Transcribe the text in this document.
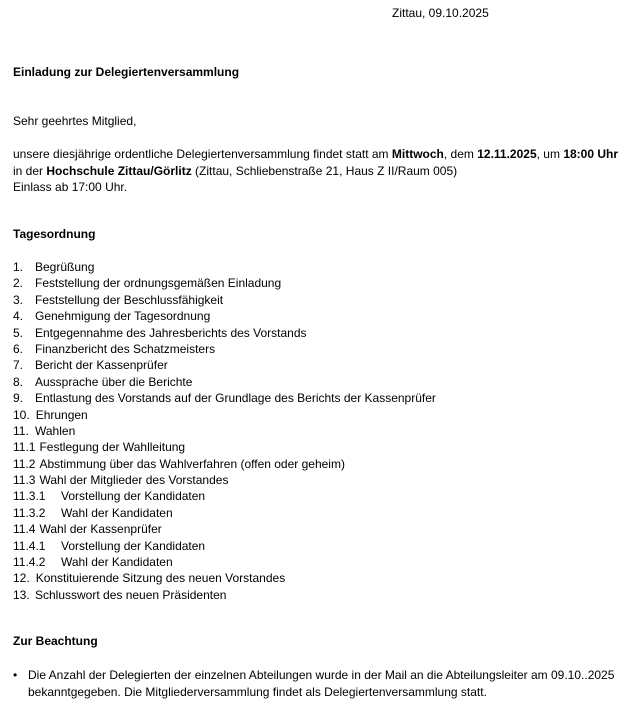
Zittau, 09.10.2025
Einladung zur Delegiertenversammlung
Sehr geehrtes Mitglied,
unsere diesjährige ordentliche Delegiertenversammlung findet statt am Mittwoch, dem 12.11.2025, um 18:00 Uhr
in der Hochschule Zittau/Görlitz (Zittau, Schliebenstraße 21, Haus Z II/Raum 005)
Einlass ab 17:00 Uhr.
Tagesordnung
1. Begrüßung
2. Feststellung der ordnungsgemäßen Einladung
3. Feststellung der Beschlussfähigkeit
4. Genehmigung der Tagesordnung
5. Entgegennahme des Jahresberichts des Vorstands
6. Finanzbericht des Schatzmeisters
7. Bericht der Kassenprüfer
8. Aussprache über die Berichte
9. Entlastung des Vorstands auf der Grundlage des Berichts der Kassenprüfer
10. Ehrungen
11. Wahlen
11.1 Festlegung der Wahlleitung
11.2 Abstimmung über das Wahlverfahren (offen oder geheim)
11.3 Wahl der Mitglieder des Vorstandes
11.3.1	Vorstellung der Kandidaten
11.3.2	Wahl der Kandidaten
11.4 Wahl der Kassenprüfer
11.4.1	Vorstellung der Kandidaten
11.4.2	Wahl der Kandidaten
12. Konstituierende Sitzung des neuen Vorstandes
13. Schlusswort des neuen Präsidenten
Zur Beachtung
• Die Anzahl der Delegierten der einzelnen Abteilungen wurde in der Mail an die Abteilungsleiter am 09.10..2025
bekanntgegeben. Die Mitgliederversammlung findet als Delegiertenversammlung statt.
